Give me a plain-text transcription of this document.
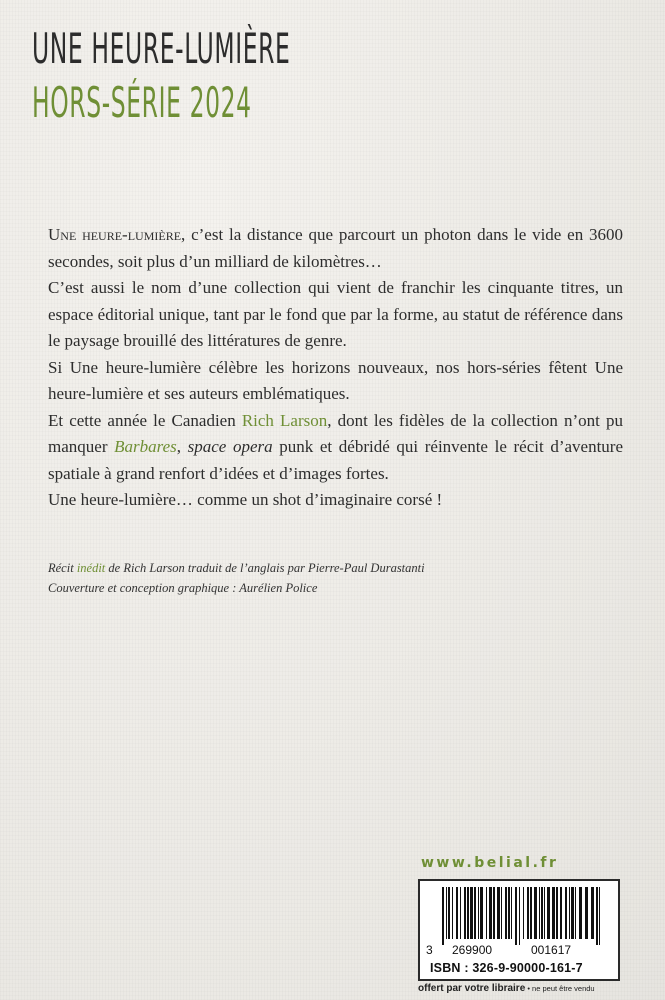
UNE HEURE-LUMIÈRE
HORS-SÉRIE 2024

Une heure-lumière, c’est la distance que parcourt un photon dans le vide en 3600 secondes, soit plus d’un milliard de kilomètres…

C’est aussi le nom d’une collection qui vient de franchir les cinquante titres, un espace éditorial unique, tant par le fond que par la forme, au statut de référence dans le paysage brouillé des littératures de genre.

Si Une heure-lumière célèbre les horizons nouveaux, nos hors-séries fêtent Une heure-lumière et ses auteurs emblématiques.

Et cette année le Canadien Rich Larson, dont les fidèles de la collection n’ont pu manquer Barbares, space opera punk et débridé qui réinvente le récit d’aventure spatiale à grand renfort d’idées et d’images fortes.

Une heure-lumière… comme un shot d’imaginaire corsé !

Récit inédit de Rich Larson traduit de l’anglais par Pierre-Paul Durastanti
Couverture et conception graphique : Aurélien Police
www.belial.fr
3 269900	001617
ISBN : 326-9-90000-161-7
offert par votre libraire • ne peut être vendu
